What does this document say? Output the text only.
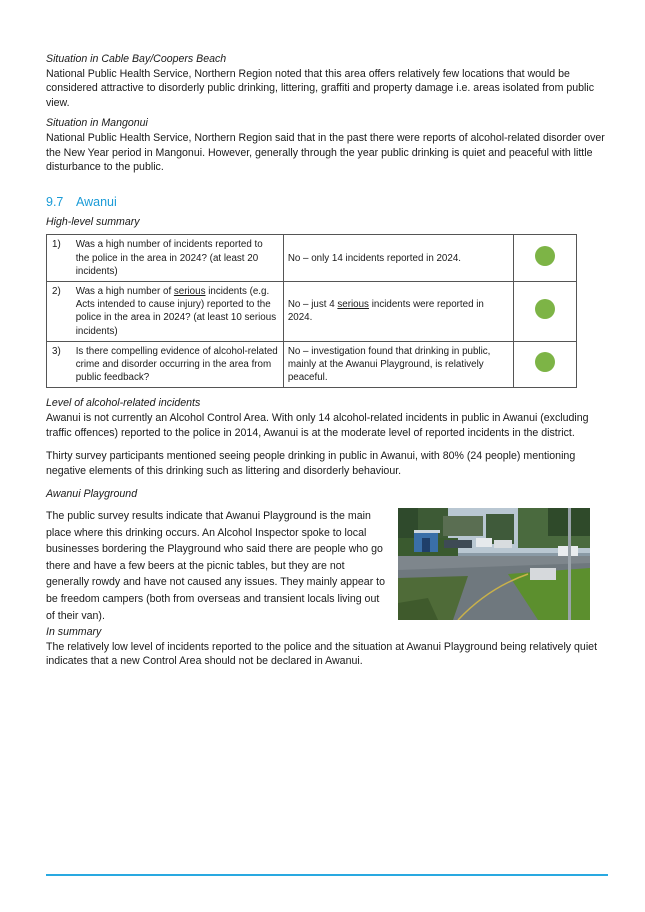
Situation in Cable Bay/Coopers Beach

National Public Health Service, Northern Region noted that this area offers relatively few locations that would be considered attractive to disorderly public drinking, littering, graffiti and property damage i.e. areas isolated from public view.

Situation in Mangonui

National Public Health Service, Northern Region said that in the past there were reports of alcohol-related disorder over the New Year period in Mangonui. However, generally through the year public drinking is quiet and peaceful with little disturbance to the public.

9.7 Awanui

High-level summary

1)	Was a high number of incidents reported to the police in the area in 2024? (at least 20 incidents)	No – only 14 incidents reported in 2024.	
2)	Was a high number of serious incidents (e.g. Acts intended to cause injury) reported to the police in the area in 2024? (at least 10 serious incidents)	No – just 4 serious incidents were reported in 2024.	
3)	Is there compelling evidence of alcohol-related crime and disorder occurring in the area from public feedback?	No – investigation found that drinking in public, mainly at the Awanui Playground, is relatively peaceful.	

Level of alcohol-related incidents

Awanui is not currently an Alcohol Control Area. With only 14 alcohol-related incidents in public in Awanui (excluding traffic offences) reported to the police in 2014, Awanui is at the moderate level of reported incidents in the district.

Thirty survey participants mentioned seeing people drinking in public in Awanui, with 80% (24 people) mentioning negative elements of this drinking such as littering and disorderly behaviour.

Awanui Playground

The public survey results indicate that Awanui Playground is the main place where this drinking occurs. An Alcohol Inspector spoke to local businesses bordering the Playground who said there are people who go there and have a few beers at the picnic tables, but they are not generally rowdy and have not caused any issues. They mainly appear to be freedom campers (both from overseas and transient locals living out of their van).

In summary

The relatively low level of incidents reported to the police and the situation at Awanui Playground being relatively quiet indicates that a new Control Area should not be declared in Awanui.
